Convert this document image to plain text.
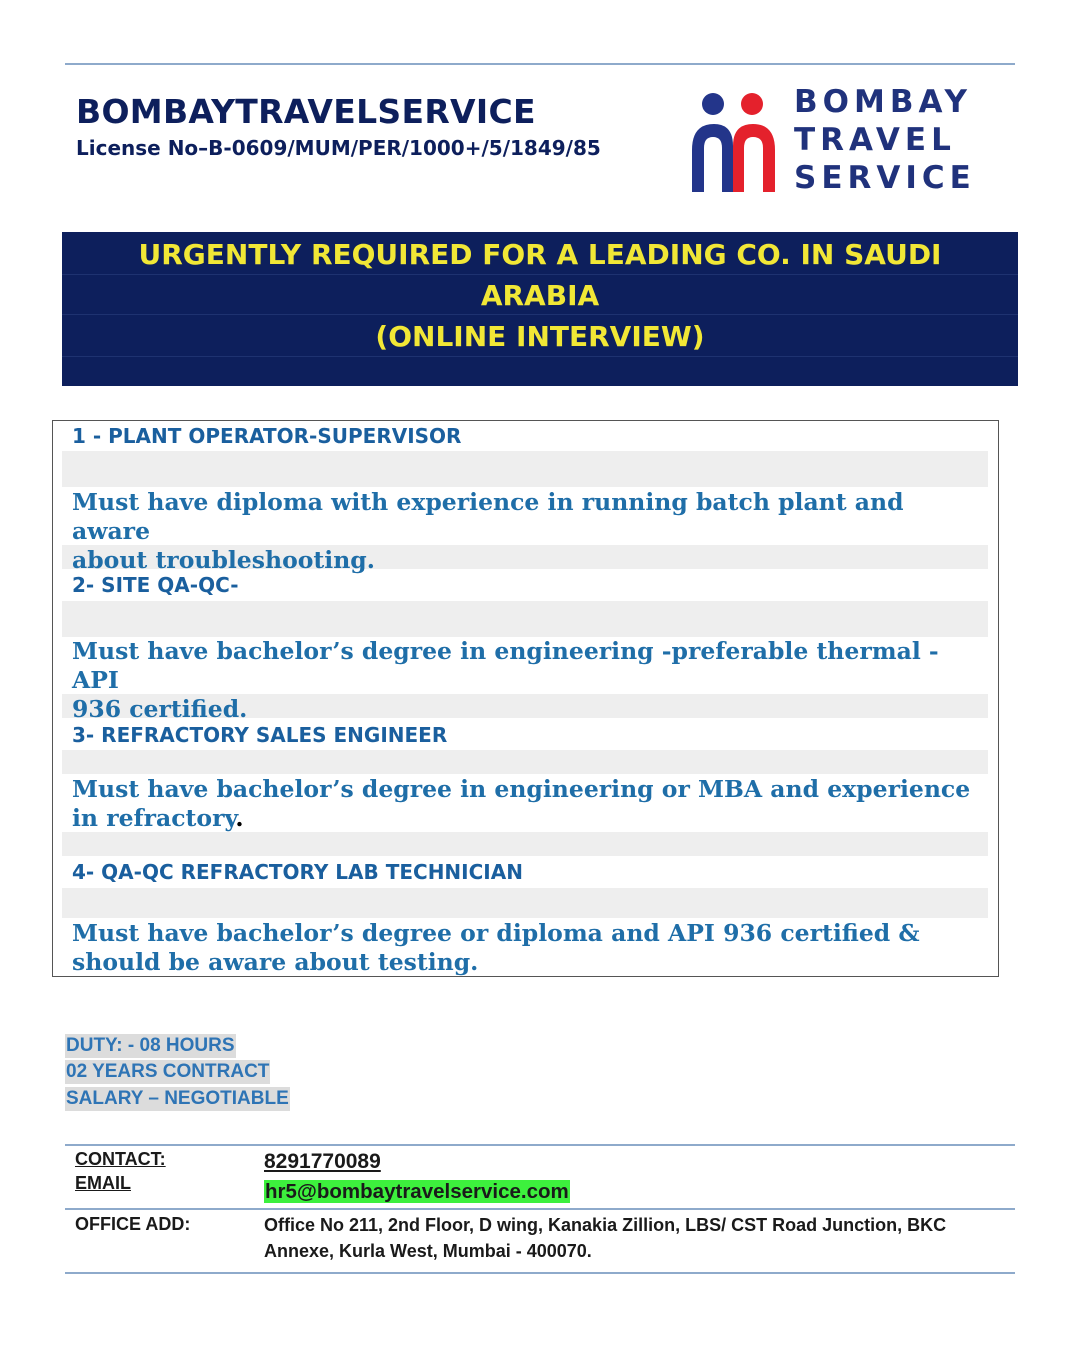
BOMBAYTRAVELSERVICE
License No–B-0609/MUM/PER/1000+/5/1849/85
BOMBAY
TRAVEL
SERVICE
URGENTLY REQUIRED FOR A LEADING CO. IN SAUDI
ARABIA
(ONLINE INTERVIEW)
1 - PLANT OPERATOR-SUPERVISOR
Must have diploma with experience in running batch plant and aware
about troubleshooting.
2- SITE QA-QC-
Must have bachelor’s degree in engineering -preferable thermal -API
936 certified.
3- REFRACTORY SALES ENGINEER
Must have bachelor’s degree in engineering or MBA and experience
in refractory.
4- QA-QC REFRACTORY LAB TECHNICIAN
Must have bachelor’s degree or diploma and API 936 certified &
should be aware about testing.
DUTY: - 08 HOURS
02 YEARS CONTRACT
SALARY – NEGOTIABLE
CONTACT:
EMAIL
8291770089
hr5@bombaytravelservice.com
OFFICE ADD:	Office No 211, 2nd Floor, D wing, Kanakia Zillion, LBS/ CST Road Junction, BKC
Annexe, Kurla West, Mumbai - 400070.
